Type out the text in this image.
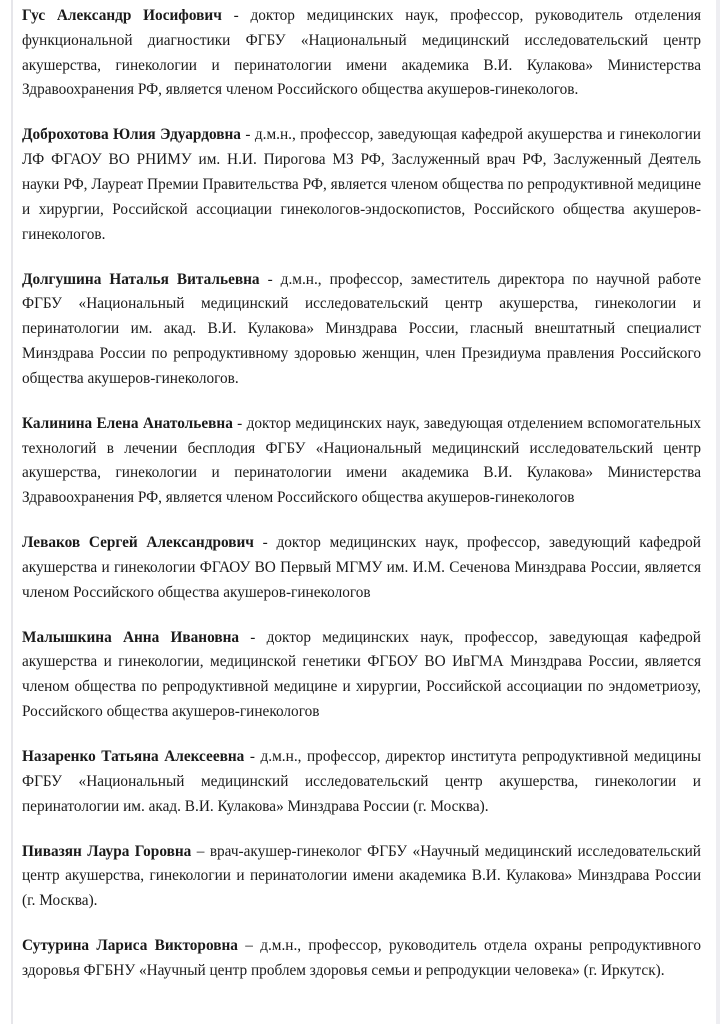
Гус Александр Иосифович - доктор медицинских наук, профессор, руководитель отделения функциональной диагностики ФГБУ «Национальный медицинский исследовательский центр акушерства, гинекологии и перинатологии имени академика В.И. Кулакова» Министерства Здравоохранения РФ, является членом Российского общества акушеров-гинекологов.

Доброхотова Юлия Эдуардовна - д.м.н., профессор, заведующая кафедрой акушерства и гинекологии ЛФ ФГАОУ ВО РНИМУ им. Н.И. Пирогова МЗ РФ, Заслуженный врач РФ, Заслуженный Деятель науки РФ, Лауреат Премии Правительства РФ, является членом общества по репродуктивной медицине и хирургии, Российской ассоциации гинекологов-эндоскопистов, Российского общества акушеров-гинекологов.

Долгушина Наталья Витальевна - д.м.н., профессор, заместитель директора по научной работе ФГБУ «Национальный медицинский исследовательский центр акушерства, гинекологии и перинатологии им. акад. В.И. Кулакова» Минздрава России, гласный внештатный специалист Минздрава России по репродуктивному здоровью женщин, член Президиума правления Российского общества акушеров-гинекологов.

Калинина Елена Анатольевна - доктор медицинских наук, заведующая отделением вспомогательных технологий в лечении бесплодия ФГБУ «Национальный медицинский исследовательский центр акушерства, гинекологии и перинатологии имени академика В.И. Кулакова» Министерства Здравоохранения РФ, является членом Российского общества акушеров-гинекологов

Леваков Сергей Александрович - доктор медицинских наук, профессор, заведующий кафедрой акушерства и гинекологии ФГАОУ ВО Первый МГМУ им. И.М. Сеченова Минздрава России, является членом Российского общества акушеров-гинекологов

Малышкина Анна Ивановна - доктор медицинских наук, профессор, заведующая кафедрой акушерства и гинекологии, медицинской генетики ФГБОУ ВО ИвГМА Минздрава России, является членом общества по репродуктивной медицине и хирургии, Российской ассоциации по эндометриозу, Российского общества акушеров-гинекологов

Назаренко Татьяна Алексеевна - д.м.н., профессор, директор института репродуктивной медицины ФГБУ «Национальный медицинский исследовательский центр акушерства, гинекологии и перинатологии им. акад. В.И. Кулакова» Минздрава России (г. Москва).

Пивазян Лаура Горовна – врач-акушер-гинеколог ФГБУ «Научный медицинский исследовательский центр акушерства, гинекологии и перинатологии имени академика В.И. Кулакова» Минздрава России (г. Москва).

Сутурина Лариса Викторовна – д.м.н., профессор, руководитель отдела охраны репродуктивного здоровья ФГБНУ «Научный центр проблем здоровья семьи и репродукции человека» (г. Иркутск).
